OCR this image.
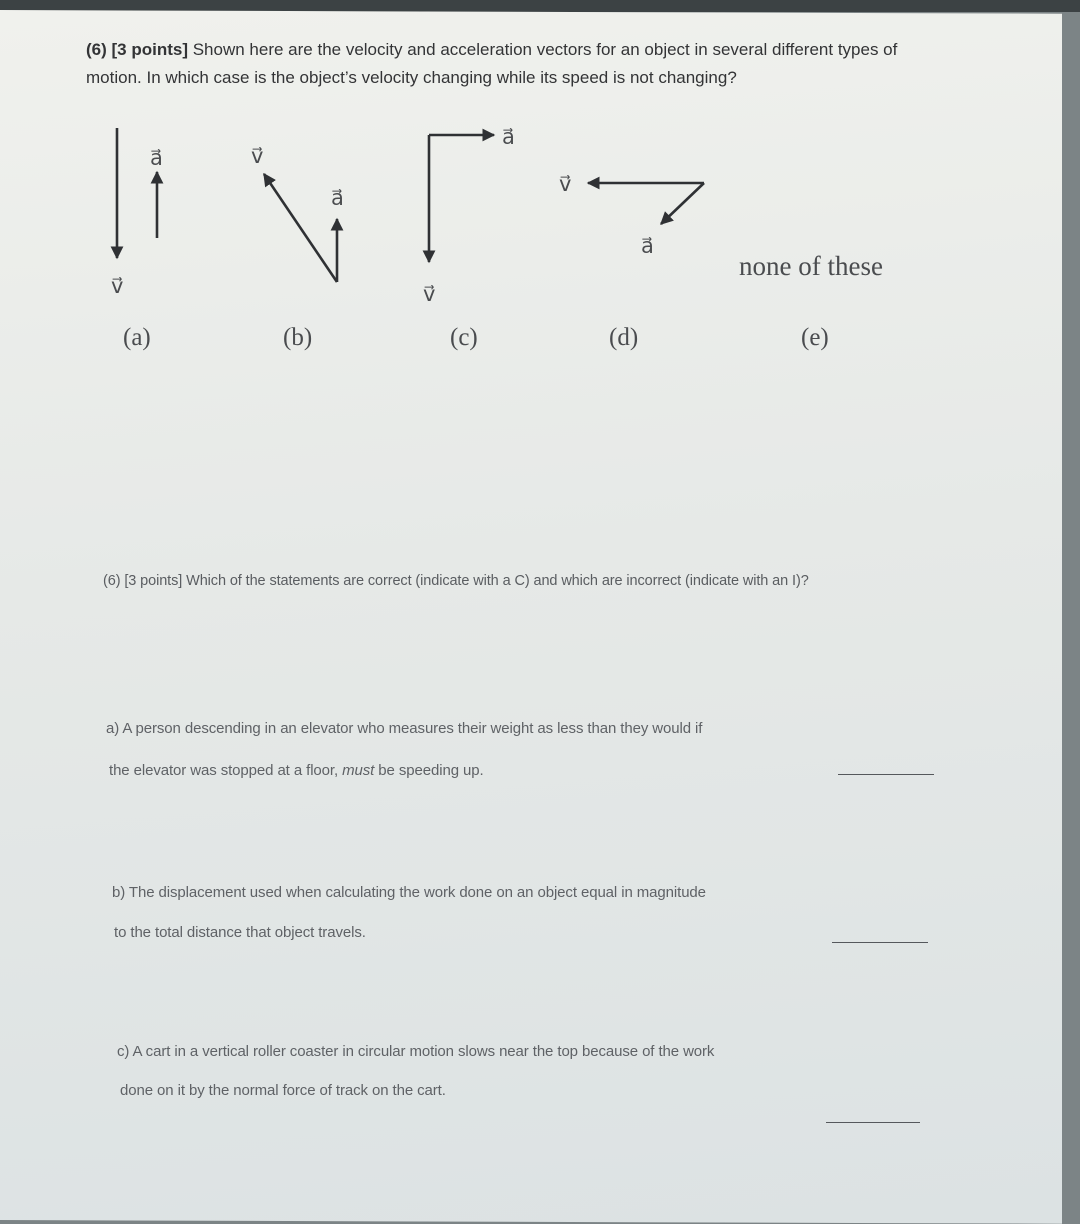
(6) [3 points] Shown here are the velocity and acceleration vectors for an object in several different types of motion. In which case is the object’s velocity changing while its speed is not changing?
v⃗
a⃗	v⃗
a⃗
v⃗
a⃗
v⃗
a⃗
none of these
(a)	(b)	(c)	(d)	(e)
(6) [3 points] Which of the statements are correct (indicate with a C) and which are incorrect (indicate with an I)?
a) A person descending in an elevator who measures their weight as less than they would if
the elevator was stopped at a floor, must be speeding up.
b) The displacement used when calculating the work done on an object equal in magnitude
to the total distance that object travels.
c) A cart in a vertical roller coaster in circular motion slows near the top because of the work
done on it by the normal force of track on the cart.
